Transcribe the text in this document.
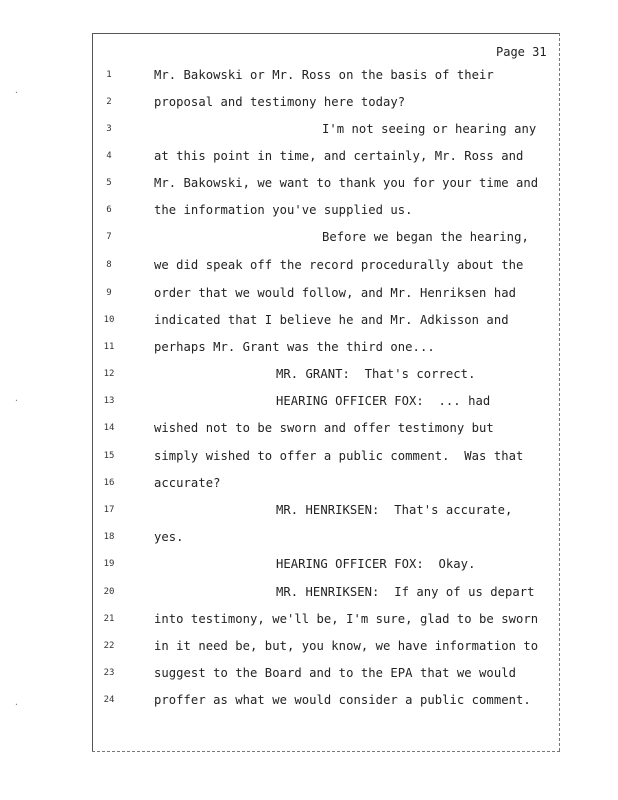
·
·
·
Page 31
1	Mr. Bakowski or Mr. Ross on the basis of their
2	proposal and testimony here today?
3	I'm not seeing or hearing any
4	at this point in time, and certainly, Mr. Ross and
5	Mr. Bakowski, we want to thank you for your time and
6	the information you've supplied us.
7	Before we began the hearing,
8	we did speak off the record procedurally about the
9	order that we would follow, and Mr. Henriksen had
10	indicated that I believe he and Mr. Adkisson and
11	perhaps Mr. Grant was the third one...
12	MR. GRANT:  That's correct.
13	HEARING OFFICER FOX:  ... had
14	wished not to be sworn and offer testimony but
15	simply wished to offer a public comment.  Was that
16	accurate?
17	MR. HENRIKSEN:  That's accurate,
18	yes.
19	HEARING OFFICER FOX:  Okay.
20	MR. HENRIKSEN:  If any of us depart
21	into testimony, we'll be, I'm sure, glad to be sworn
22	in it need be, but, you know, we have information to
23	suggest to the Board and to the EPA that we would
24	proffer as what we would consider a public comment.
